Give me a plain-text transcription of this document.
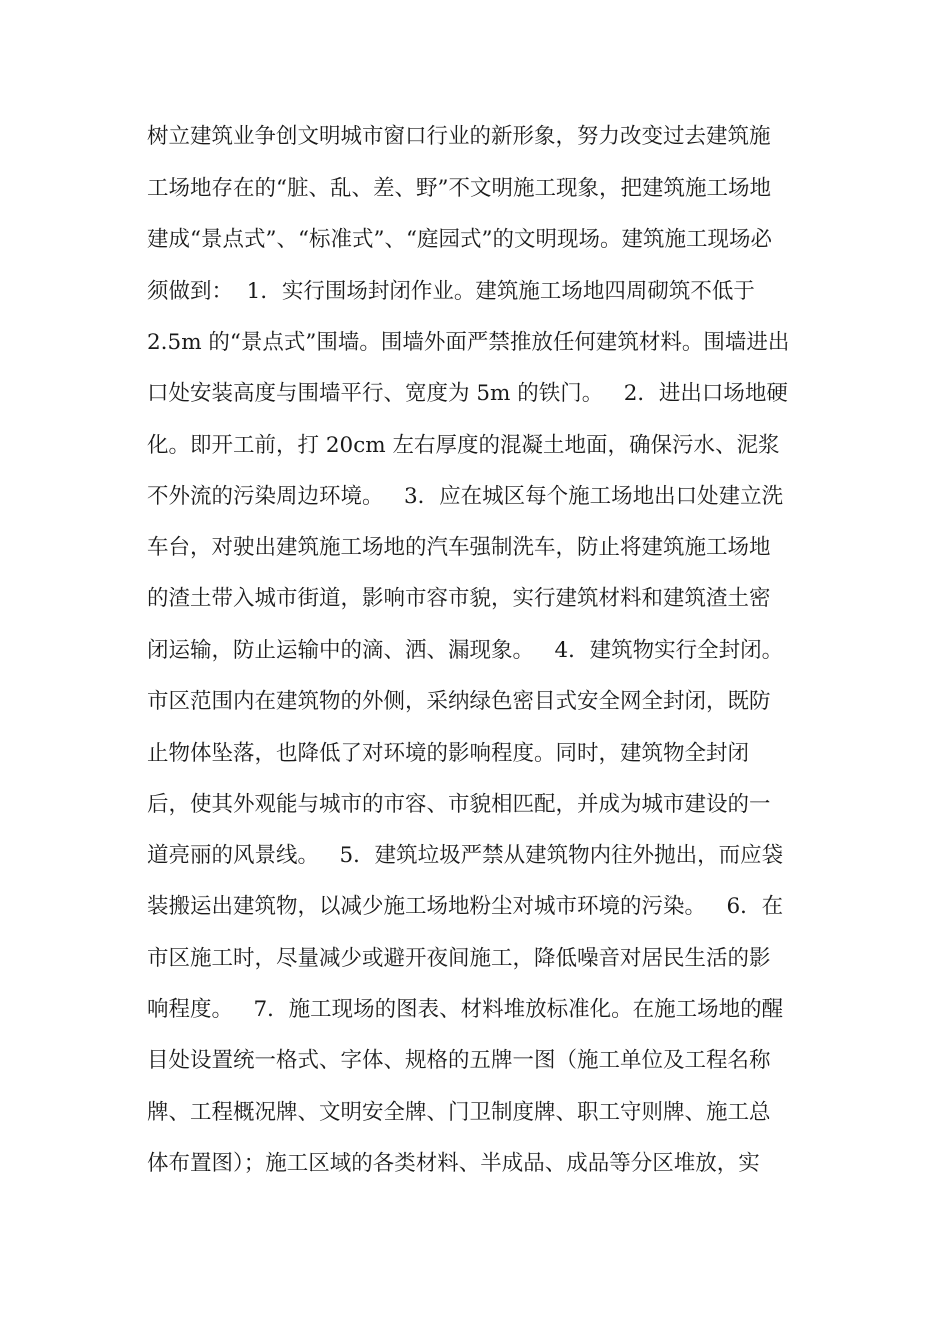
树立建筑业争创文明城市窗口行业的新形象，努力改变过去建筑施
工场地存在的“脏、乱、差、野”不文明施工现象，把建筑施工场地
建成“景点式”、“标准式”、“庭园式”的文明现场。建筑施工现场必
须做到：  1．实行围场封闭作业。建筑施工场地四周砌筑不低于
2.5m 的“景点式”围墙。围墙外面严禁推放任何建筑材料。围墙进出
口处安装高度与围墙平行、宽度为 5m 的铁门。   2．进出口场地硬
化。即开工前，打 20cm 左右厚度的混凝土地面，确保污水、泥浆
不外流的污染周边环境。   3．应在城区每个施工场地出口处建立洗
车台，对驶出建筑施工场地的汽车强制洗车，防止将建筑施工场地
的渣土带入城市街道，影响市容市貌，实行建筑材料和建筑渣土密
闭运输，防止运输中的滴、洒、漏现象。   4．建筑物实行全封闭。
市区范围内在建筑物的外侧，采纳绿色密目式安全网全封闭，既防
止物体坠落，也降低了对环境的影响程度。同时，建筑物全封闭
后，使其外观能与城市的市容、市貌相匹配，并成为城市建设的一
道亮丽的风景线。   5．建筑垃圾严禁从建筑物内往外抛出，而应袋
装搬运出建筑物，以减少施工场地粉尘对城市环境的污染。   6．在
市区施工时，尽量减少或避开夜间施工，降低噪音对居民生活的影
响程度。   7．施工现场的图表、材料堆放标准化。在施工场地的醒
目处设置统一格式、字体、规格的五牌一图（施工单位及工程名称
牌、工程概况牌、文明安全牌、门卫制度牌、职工守则牌、施工总
体布置图）；施工区域的各类材料、半成品、成品等分区堆放，实
